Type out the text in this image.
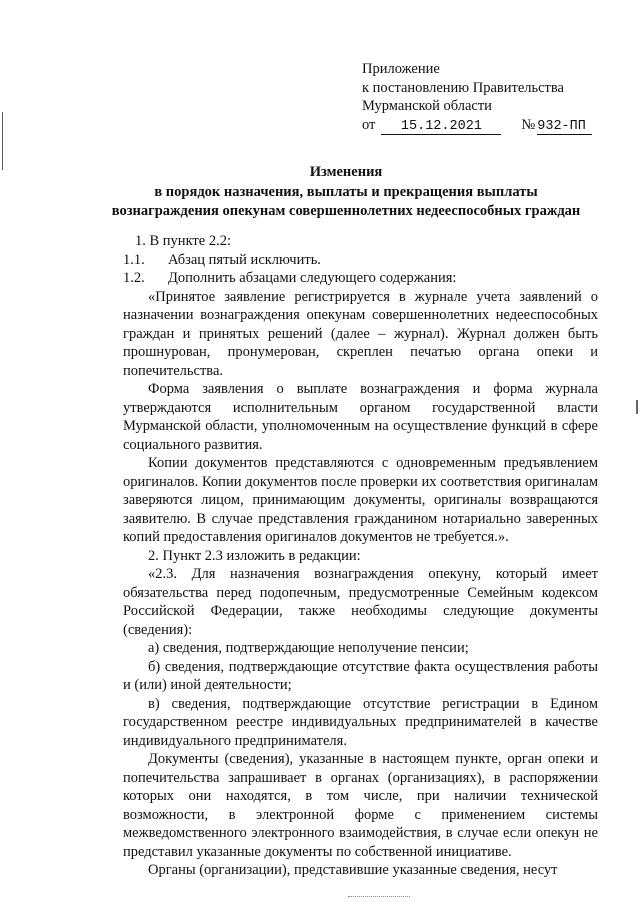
Приложение
к постановлению Правительства
Мурманской области
от	15.12.2021	№ 932-ПП
Изменения
в порядок назначения, выплаты и прекращения выплаты
вознаграждения опекунам совершеннолетних недееспособных граждан

1. В пункте 2.2:

1.1. Абзац пятый исключить.

1.2. Дополнить абзацами следующего содержания:

«Принятое заявление регистрируется в журнале учета заявлений о назначении вознаграждения опекунам совершеннолетних недееспособных граждан и принятых решений (далее – журнал). Журнал должен быть прошнурован, пронумерован, скреплен печатью органа опеки и попечительства.

Форма заявления о выплате вознаграждения и форма журнала утверждаются исполнительным органом государственной власти Мурманской области, уполномоченным на осуществление функций в сфере социального развития.

Копии документов представляются с одновременным предъявлением оригиналов. Копии документов после проверки их соответствия оригиналам заверяются лицом, принимающим документы, оригиналы возвращаются заявителю. В случае представления гражданином нотариально заверенных копий предоставления оригиналов документов не требуется.».

2. Пункт 2.3 изложить в редакции:

«2.3. Для назначения вознаграждения опекуну, который имеет обязательства перед подопечным, предусмотренные Семейным кодексом Российской Федерации, также необходимы следующие документы (сведения):

а) сведения, подтверждающие неполучение пенсии;

б) сведения, подтверждающие отсутствие факта осуществления работы и (или) иной деятельности;

в) сведения, подтверждающие отсутствие регистрации в Едином государственном реестре индивидуальных предпринимателей в качестве индивидуального предпринимателя.

Документы (сведения), указанные в настоящем пункте, орган опеки и попечительства запрашивает в органах (организациях), в распоряжении которых они находятся, в том числе, при наличии технической возможности, в электронной форме с применением системы межведомственного электронного взаимодействия, в случае если опекун не представил указанные документы по собственной инициативе.

Органы (организации), представившие указанные сведения, несут
